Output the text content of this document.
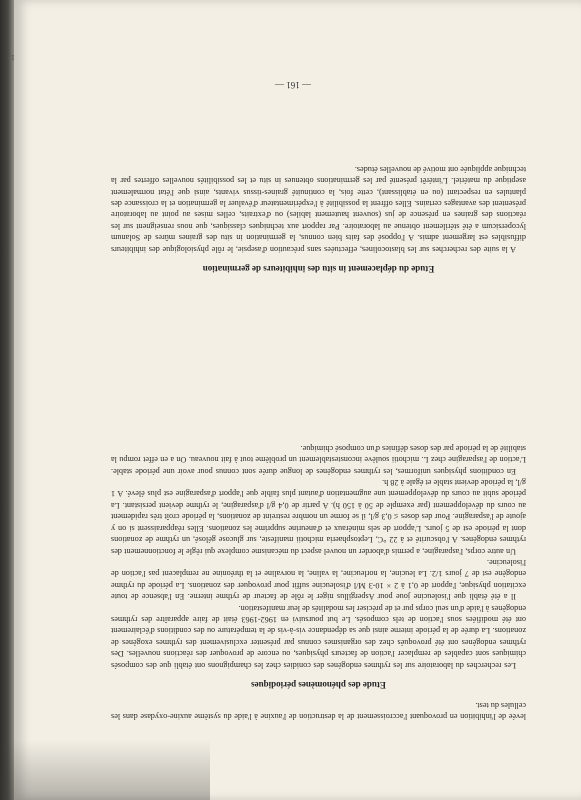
11

levée de l'inhibition en provoquant l'accroissement de la destruction de l'auxine à l'aide du système auxine-oxydase dans les cellules du test.

Etude des phénomènes périodiques

Les recherches du laboratoire sur les rythmes endogènes des conidies chez les champignons ont établi que des composés chimiques sont capables de remplacer l'action de facteurs physiques, ou encore de provoquer des réactions nouvelles. Des rythmes endogènes ont été provoqués chez des organismes connus par présenter exclusivement des rythmes exogènes de zonations. La durée de la période interne ainsi que sa dépendance vis-à-vis de la température ou des conditions d'éclairement ont été modifiées sous l'action de tels composés. Le but poursuivi en 1962-1963 était de faire apparaître des rythmes endogènes à l'aide d'un seul corps pur et de préciser les modalités de leur manifestation.

Il a été établi que l'isoleucine joue pour Aspergillus niger le rôle de facteur de rythme interne. En l'absence de toute excitation physique, l'apport de 0,1 à 2 × 10-3 M/l d'isoleucine suffit pour provoquer des zonations. La période du rythme endogène est de 7 jours 1/2. La leucine, la norleucine, la valine, la norvaline et la thréonine ne remplacent pas l'action de l'isoleucine.

Un autre corps, l'asparagine, a permis d'aborder un nouvel aspect du mécanisme complexe qui règle le fonctionnement des rythmes endogènes. A l'obscurité et à 22 °C, Leptosphaeria michotii manifeste, sur glucose gélosé, un rythme de zonations dont la période est de 5 jours. L'apport de sels minéraux et d'aneurine supprime les zonations. Elles réapparaissent si on y ajoute de l'asparagine. Pour des doses ≤ 0,3 g/l, il se forme un nombre restreint de zonations, la période croît très rapidement au cours du développement (par exemple de 50 à 150 h). A partir de 0,4 g/l d'asparagine, le rythme devient persistant. La période subit au cours du développement une augmentation d'autant plus faible que l'apport d'asparagine est plus élevé. A 1 g/l, la période devient stable et égale à 28 h.

En conditions physiques uniformes, les rythmes endogènes de longue durée sont connus pour avoir une période stable. L'action de l'asparagine chez L. michotii soulève inconstestablement un problème tout à fait nouveau. On a en effet rompu la stabilité de la période par des doses définies d'un composé chimique.

Etude du déplacement in situ des inhibiteurs de germination

A la suite des recherches sur les blastocolines, effectuées sans précaution d'asepsie, le rôle physiologique des inhibiteurs diffusibles est largement admis. A l'opposé des faits bien connus, la germination in situ des graines mûres de Solanum lycopersicum a été stérilement obtenue au laboratoire. Par rapport aux techniques classiques, que nous renseignent sur les réactions des graines en présence de jus (souvent hautement labiles) ou d'extraits, celles mises au point au laboratoire présentent des avantages certains. Elles offrent la possibilité à l'expérimentateur d'évaluer la germination et la croissance des plantules en respectant (ou en établissant), cette fois, la continuité graines-tissus vivants, ainsi que l'état normalement aseptique du matériel. L'intérêt présenté par les germinations obtenues in situ et les possibilités nouvelles offertes par la technique appliquée ont motivé de nouvelles études.

— 161 —
